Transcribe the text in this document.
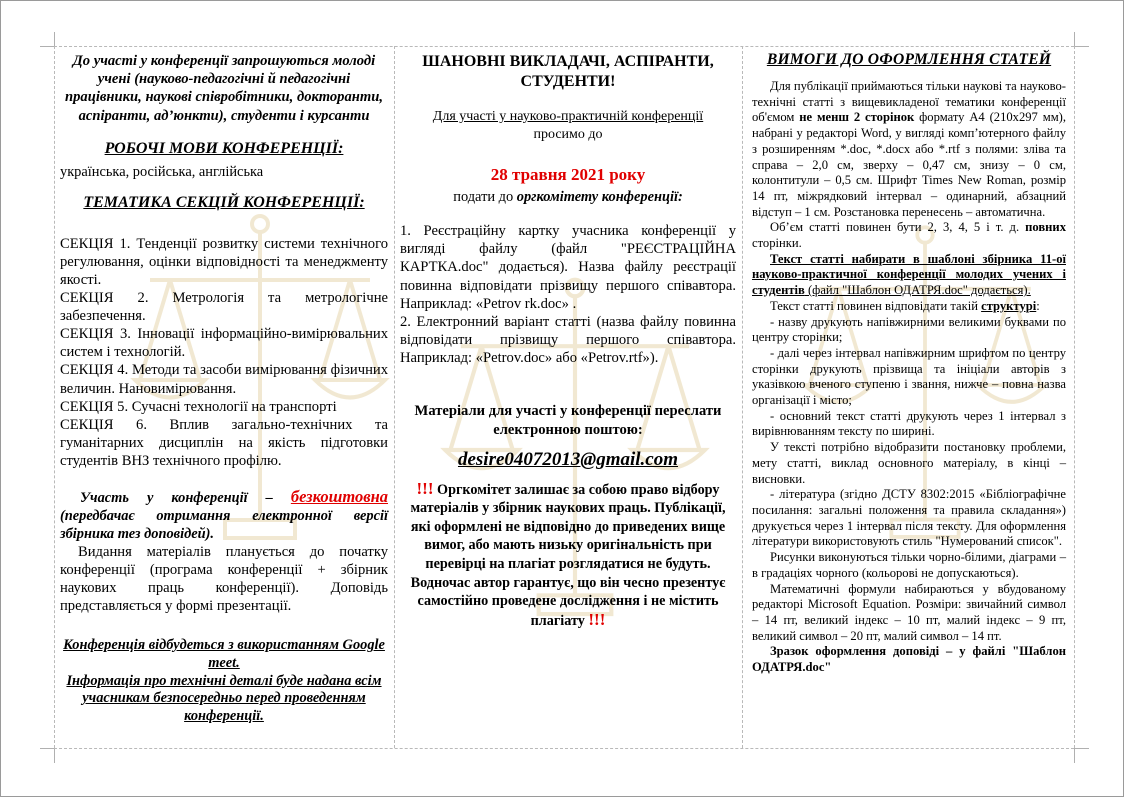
До участі у конференції запрошуються молоді учені (науково-педагогічні й педагогічні працівники, наукові співробітники, докторанти, аспіранти, ад’юнкти), студенти і курсанти

РОБОЧІ МОВИ КОНФЕРЕНЦІЇ:

українська, російська, англійська

ТЕМАТИКА СЕКЦІЙ КОНФЕРЕНЦІЇ:

СЕКЦІЯ 1. Тенденції розвитку системи технічного регулювання, оцінки відповідності та менеджменту якості.

СЕКЦІЯ 2. Метрологія та метрологічне забезпечення.

СЕКЦІЯ 3. Інновації інформаційно-вимірювальних систем і технологій.

СЕКЦІЯ 4. Методи та засоби вимірювання фізичних величин. Нановимірювання.

СЕКЦІЯ 5. Сучасні технології на транспорті

СЕКЦІЯ 6. Вплив загально-технічних та гуманітарних дисциплін на якість підготовки студентів ВНЗ технічного профілю.

Участь у конференції – безкоштовна (передбачає отримання електронної версії збірника тез доповідей).

Видання матеріалів планується до початку конференції (програма конференції + збірник наукових праць конференції). Доповідь представляється у формі презентації.

Конференція відбудеться з використанням Google meet.

Інформація про технічні деталі буде надана всім учасникам безпосередньо перед проведенням конференції.

ШАНОВНІ ВИКЛАДАЧІ, АСПІРАНТИ, СТУДЕНТИ!

Для участі у науково-практичній конференції
просимо до

28 травня 2021 року

подати до оргкомітету конференції:

1. Реєстраційну картку учасника конференції у вигляді файлу (файл "РЕЄСТРАЦІЙНА КАРТКА.doc" додається). Назва файлу реєстрації повинна відповідати прізвищу першого співавтора. Наприклад: «Petrov rk.doc» .

2. Електронний варіант статті (назва файлу повинна відповідати прізвищу першого співавтора. Наприклад: «Petrov.doc» або «Petrov.rtf»).

Матеріали для участі у конференції переслати електронною поштою:

desire04072013@gmail.com

!!! Оргкомітет залишає за собою право відбору матеріалів у збірник наукових праць. Публікації, які оформлені не відповідно до приведених вище вимог, або мають низьку оригінальність при перевірці на плагіат розглядатися не будуть.

Водночас автор гарантує, що він чесно презентує самостійно проведене дослідження і не містить плагіату !!!

ВИМОГИ ДО ОФОРМЛЕННЯ СТАТЕЙ

Для публікації приймаються тільки наукові та науково-технічні статті з вищевикладеної тематики конференції об'ємом не менш 2 сторінок формату А4 (210х297 мм), набрані у редакторі Word, у вигляді комп’ютерного файлу з розширенням *.doc, *.docx або *.rtf з полями: зліва та справа – 2,0 см, зверху – 0,47 см, знизу – 0 см, колонтитули – 0,5 см. Шрифт Times New Roman, розмір 14 пт, міжрядковий інтервал – одинарний, абзацний відступ – 1 см. Розстановка перенесень – автоматична.

Об’єм статті повинен бути 2, 3, 4, 5 і т. д. повних сторінки.

Текст статті набирати в шаблоні збірника 11-ої науково-практичної конференції молодих учених і студентів (файл "Шаблон ОДАТРЯ.doc" додається).

Текст статті повинен відповідати такій структурі:

- назву друкують напівжирними великими буквами по центру сторінки;

- далі через інтервал напівжирним шрифтом по центру сторінки друкують прізвища та ініціали авторів з указівкою вченого ступеню і звання, нижче – повна назва організації і місто;

- основний текст статті друкують через 1 інтервал з вирівнюванням тексту по ширині.

У тексті потрібно відобразити постановку проблеми, мету статті, виклад основного матеріалу, в кінці – висновки.

- література (згідно ДСТУ 8302:2015 «Бібліографічне посилання: загальні положення та правила складання») друкується через 1 інтервал після тексту. Для оформлення літератури використовують стиль "Нумерований список".

Рисунки виконуються тільки чорно-білими, діаграми – в градаціях чорного (кольорові не допускаються).

Математичні формули набираються у вбудованому редакторі Microsoft Equation. Розміри: звичайний символ – 14 пт, великий індекс – 10 пт, малий індекс – 9 пт, великий символ – 20 пт, малий символ – 14 пт.

Зразок оформлення доповіді – у файлі "Шаблон ОДАТРЯ.doc"
